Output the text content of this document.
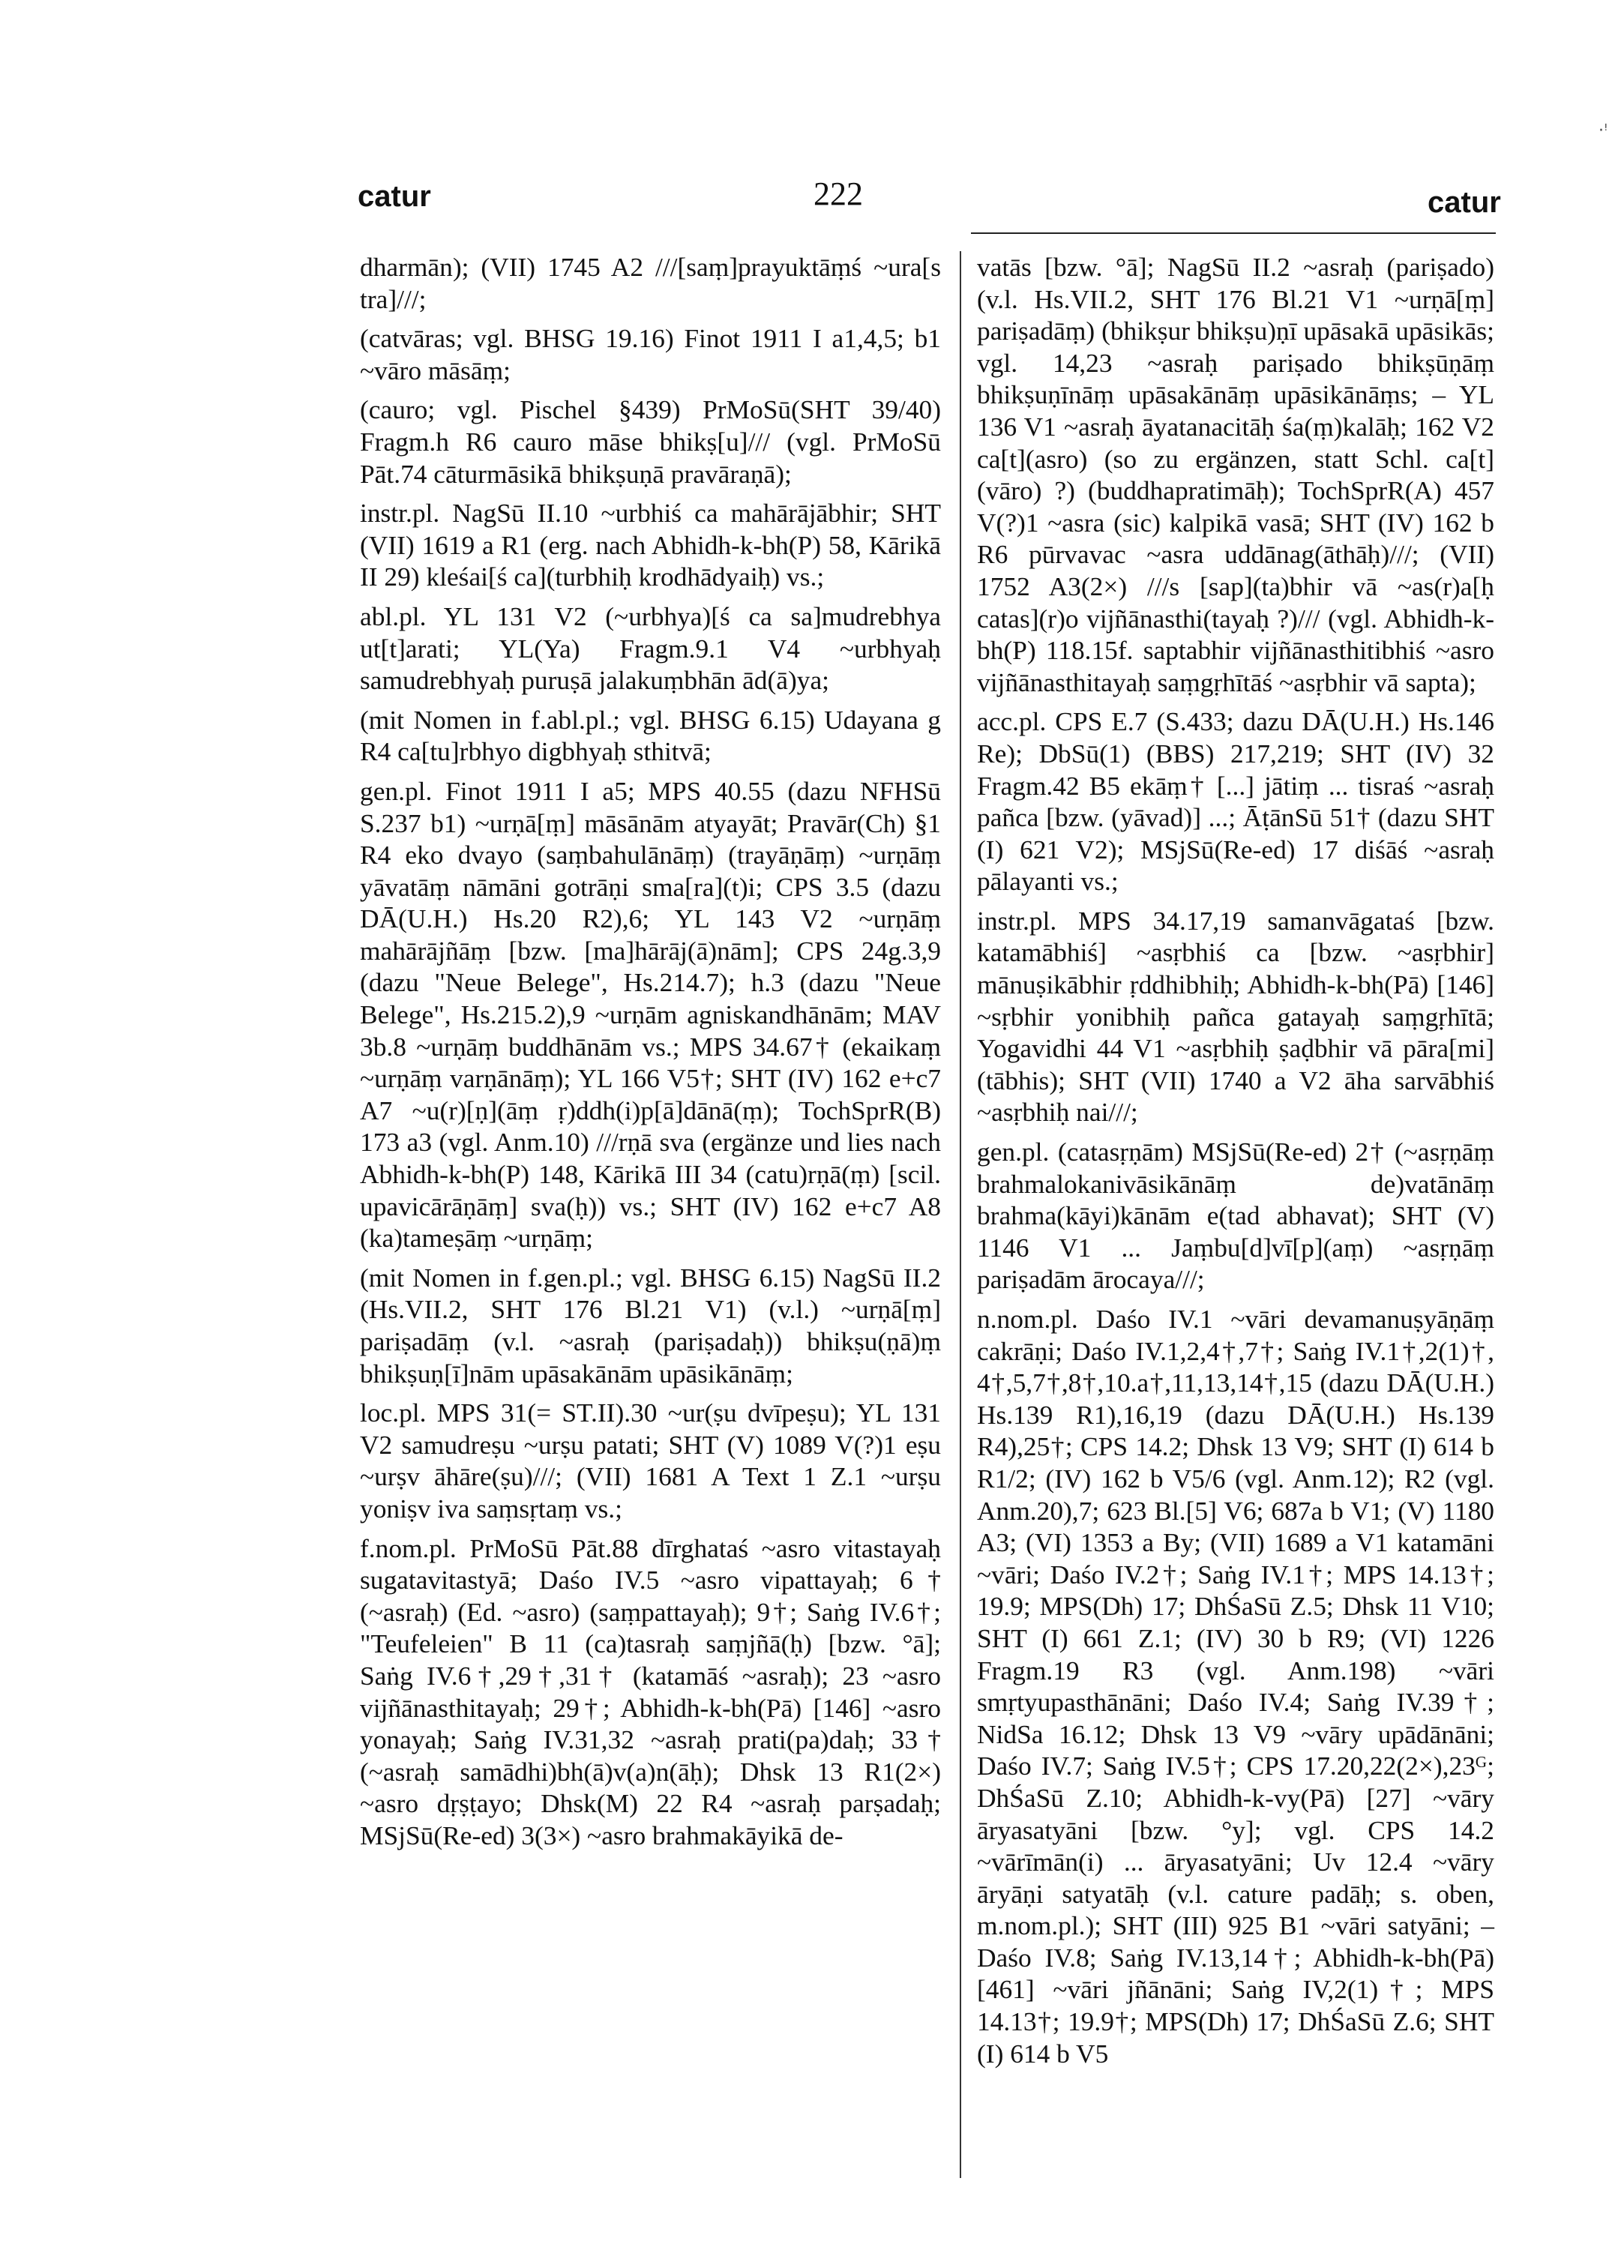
·ꜝ
catur	222	catur

dharmān); (VII) 1745 A2 ///[saṃ]prayuktāṃś ~ura[s tra]///;

(catvāras; vgl. BHSG 19.16) Finot 1911 I a1,4,5; b1 ~vāro māsāṃ;

(cauro; vgl. Pischel §439) PrMoSū(SHT 39/40) Fragm.h R6 cauro māse bhikṣ[u]/// (vgl. PrMoSū Pāt.74 cāturmāsikā bhikṣuṇā pravāraṇā);

instr.pl. NagSū II.10 ~urbhiś ca mahārājābhir; SHT (VII) 1619 a R1 (erg. nach Abhidh-k-bh(P) 58, Kārikā II 29) kleśai[ś ca](turbhiḥ krodhādyaiḥ) vs.;

abl.pl. YL 131 V2 (~urbhya)[ś ca sa]mudrebhya ut[t]arati; YL(Ya) Fragm.9.1 V4 ~urbhyaḥ samudrebhyaḥ puruṣā jalakuṃbhān ād(ā)ya;

(mit Nomen in f.abl.pl.; vgl. BHSG 6.15) Udayana g R4 ca[tu]rbhyo digbhyaḥ sthitvā;

gen.pl. Finot 1911 I a5; MPS 40.55 (dazu NFHSū S.237 b1) ~urṇā[ṃ] māsānām atyayāt; Pravār(Ch) §1 R4 eko dvayo (saṃbahulānāṃ) (trayāṇāṃ) ~urṇāṃ yāvatāṃ nāmāni gotrāṇi sma[ra](t)i; CPS 3.5 (dazu DĀ(U.H.) Hs.20 R2),6; YL 143 V2 ~urṇāṃ mahārājñāṃ [bzw. [ma]hārāj(ā)nām]; CPS 24g.3,9 (dazu "Neue Belege", Hs.214.7); h.3 (dazu "Neue Belege", Hs.215.2),9 ~urṇām agniskandhānām; MAV 3b.8 ~urṇāṃ buddhānām vs.; MPS 34.67† (ekaikaṃ ~urṇāṃ varṇānāṃ); YL 166 V5†; SHT (IV) 162 e+c7 A7 ~u(r)[ṇ](āṃ ṛ)ddh(i)p[ā]dānā(ṃ); TochSprR(B) 173 a3 (vgl. Anm.10) ///rṇā sva (ergänze und lies nach Abhidh-k-bh(P) 148, Kārikā III 34 (catu)rṇā(ṃ) [scil. upavicārāṇāṃ] sva(ḥ)) vs.; SHT (IV) 162 e+c7 A8 (ka)tameṣāṃ ~urṇāṃ;

(mit Nomen in f.gen.pl.; vgl. BHSG 6.15) NagSū II.2 (Hs.VII.2, SHT 176 Bl.21 V1) (v.l.) ~urṇā[ṃ] pariṣadāṃ (v.l. ~asraḥ (pariṣadaḥ)) bhikṣu(ṇā)ṃ bhikṣuṇ[ī]nām upāsakānām upāsikānāṃ;

loc.pl. MPS 31(= ST.II).30 ~ur(ṣu dvīpeṣu); YL 131 V2 samudreṣu ~urṣu patati; SHT (V) 1089 V(?)1 eṣu ~urṣv āhāre(ṣu)///; (VII) 1681 A Text 1 Z.1 ~urṣu yoniṣv iva saṃsṛtaṃ vs.;

f.nom.pl. PrMoSū Pāt.88 dīrghataś ~asro vitastayaḥ sugatavitastyā; Daśo IV.5 ~asro vipattayaḥ; 6† (~asraḥ) (Ed. ~asro) (saṃpattayaḥ); 9†; Saṅg IV.6†; "Teufeleien" B 11 (ca)tasraḥ saṃjñā(ḥ) [bzw. °ā]; Saṅg IV.6†,29†,31† (katamāś ~asraḥ); 23 ~asro vijñānasthitayaḥ; 29†; Abhidh-k-bh(Pā) [146] ~asro yonayaḥ; Saṅg IV.31,32 ~asraḥ prati(pa)daḥ; 33† (~asraḥ samādhi)bh(ā)v(a)n(āḥ); Dhsk 13 R1(2×) ~asro dṛṣṭayo; Dhsk(M) 22 R4 ~asraḥ parṣadaḥ; MSjSū(Re-ed) 3(3×) ~asro brahmakāyikā de-

vatās [bzw. °ā]; NagSū II.2 ~asraḥ (pariṣado) (v.l. Hs.VII.2, SHT 176 Bl.21 V1 ~urṇā[ṃ] pariṣadāṃ) (bhikṣur bhikṣu)ṇī upāsakā upāsikās; vgl. 14,23 ~asraḥ pariṣado bhikṣūṇāṃ bhikṣuṇīnāṃ upāsakānāṃ upāsikānāṃs; – YL 136 V1 ~asraḥ āyatanacitāḥ śa(ṃ)kalāḥ; 162 V2 ca[t](asro) (so zu ergänzen, statt Schl. ca[t](vāro) ?) (buddhapratimāḥ); TochSprR(A) 457 V(?)1 ~asra (sic) kalpikā vasā; SHT (IV) 162 b R6 pūrvavac ~asra uddānag(āthāḥ)///; (VII) 1752 A3(2×) ///s [sap](ta)bhir vā ~as(r)a[ḥ catas](r)o vijñānasthi(tayaḥ ?)/// (vgl. Abhidh-k-bh(P) 118.15f. saptabhir vijñānasthitibhiś ~asro vijñānasthitayaḥ saṃgṛhītāś ~asṛbhir vā sapta);

acc.pl. CPS E.7 (S.433; dazu DĀ(U.H.) Hs.146 Re); DbSū(1) (BBS) 217,219; SHT (IV) 32 Fragm.42 B5 ekāṃ† [...] jātiṃ ... tisraś ~asraḥ pañca [bzw. (yāvad)] ...; ĀṭānSū 51† (dazu SHT (I) 621 V2); MSjSū(Re-ed) 17 diśāś ~asraḥ pālayanti vs.;

instr.pl. MPS 34.17,19 samanvāgataś [bzw. katamābhiś] ~asṛbhiś ca [bzw. ~asṛbhir] mānuṣikābhir ṛddhibhiḥ; Abhidh-k-bh(Pā) [146] ~sṛbhir yonibhiḥ pañca gatayaḥ saṃgṛhītā; Yogavidhi 44 V1 ~asṛbhiḥ ṣaḍbhir vā pāra[mi](tābhis); SHT (VII) 1740 a V2 āha sarvābhiś ~asṛbhiḥ nai///;

gen.pl. (catasṛṇām) MSjSū(Re-ed) 2† (~asṛṇāṃ brahmalokanivāsikānāṃ de)vatānāṃ brahma(kāyi)kānām e(tad abhavat); SHT (V) 1146 V1 ... Jaṃbu[d]vī[p](aṃ) ~asṛṇāṃ pariṣadām ārocaya///;

n.nom.pl. Daśo IV.1 ~vāri devamanuṣyāṇāṃ cakrāṇi; Daśo IV.1,2,4†,7†; Saṅg IV.1†,2(1)†, 4†,5,7†,8†,10.a†,11,13,14†,15 (dazu DĀ(U.H.) Hs.139 R1),16,19 (dazu DĀ(U.H.) Hs.139 R4),25†; CPS 14.2; Dhsk 13 V9; SHT (I) 614 b R1/2; (IV) 162 b V5/6 (vgl. Anm.12); R2 (vgl. Anm.20),7; 623 Bl.[5] V6; 687a b V1; (V) 1180 A3; (VI) 1353 a By; (VII) 1689 a V1 katamāni ~vāri; Daśo IV.2†; Saṅg IV.1†; MPS 14.13†; 19.9; MPS(Dh) 17; DhŚaSū Z.5; Dhsk 11 V10; SHT (I) 661 Z.1; (IV) 30 b R9; (VI) 1226 Fragm.19 R3 (vgl. Anm.198) ~vāri smṛtyupasthānāni; Daśo IV.4; Saṅg IV.39†; NidSa 16.12; Dhsk 13 V9 ~vāry upādānāni; Daśo IV.7; Saṅg IV.5†; CPS 17.20,22(2×),23ᴳ; DhŚaSū Z.10; Abhidh-k-vy(Pā) [27] ~vāry āryasatyāni [bzw. °y]; vgl. CPS 14.2 ~vārīmān(i) ... āryasatyāni; Uv 12.4 ~vāry āryāṇi satyatāḥ (v.l. cature padāḥ; s. oben, m.nom.pl.); SHT (III) 925 B1 ~vāri satyāni; – Daśo IV.8; Saṅg IV.13,14†; Abhidh-k-bh(Pā) [461] ~vāri jñānāni; Saṅg IV,2(1)†; MPS 14.13†; 19.9†; MPS(Dh) 17; DhŚaSū Z.6; SHT (I) 614 b V5
